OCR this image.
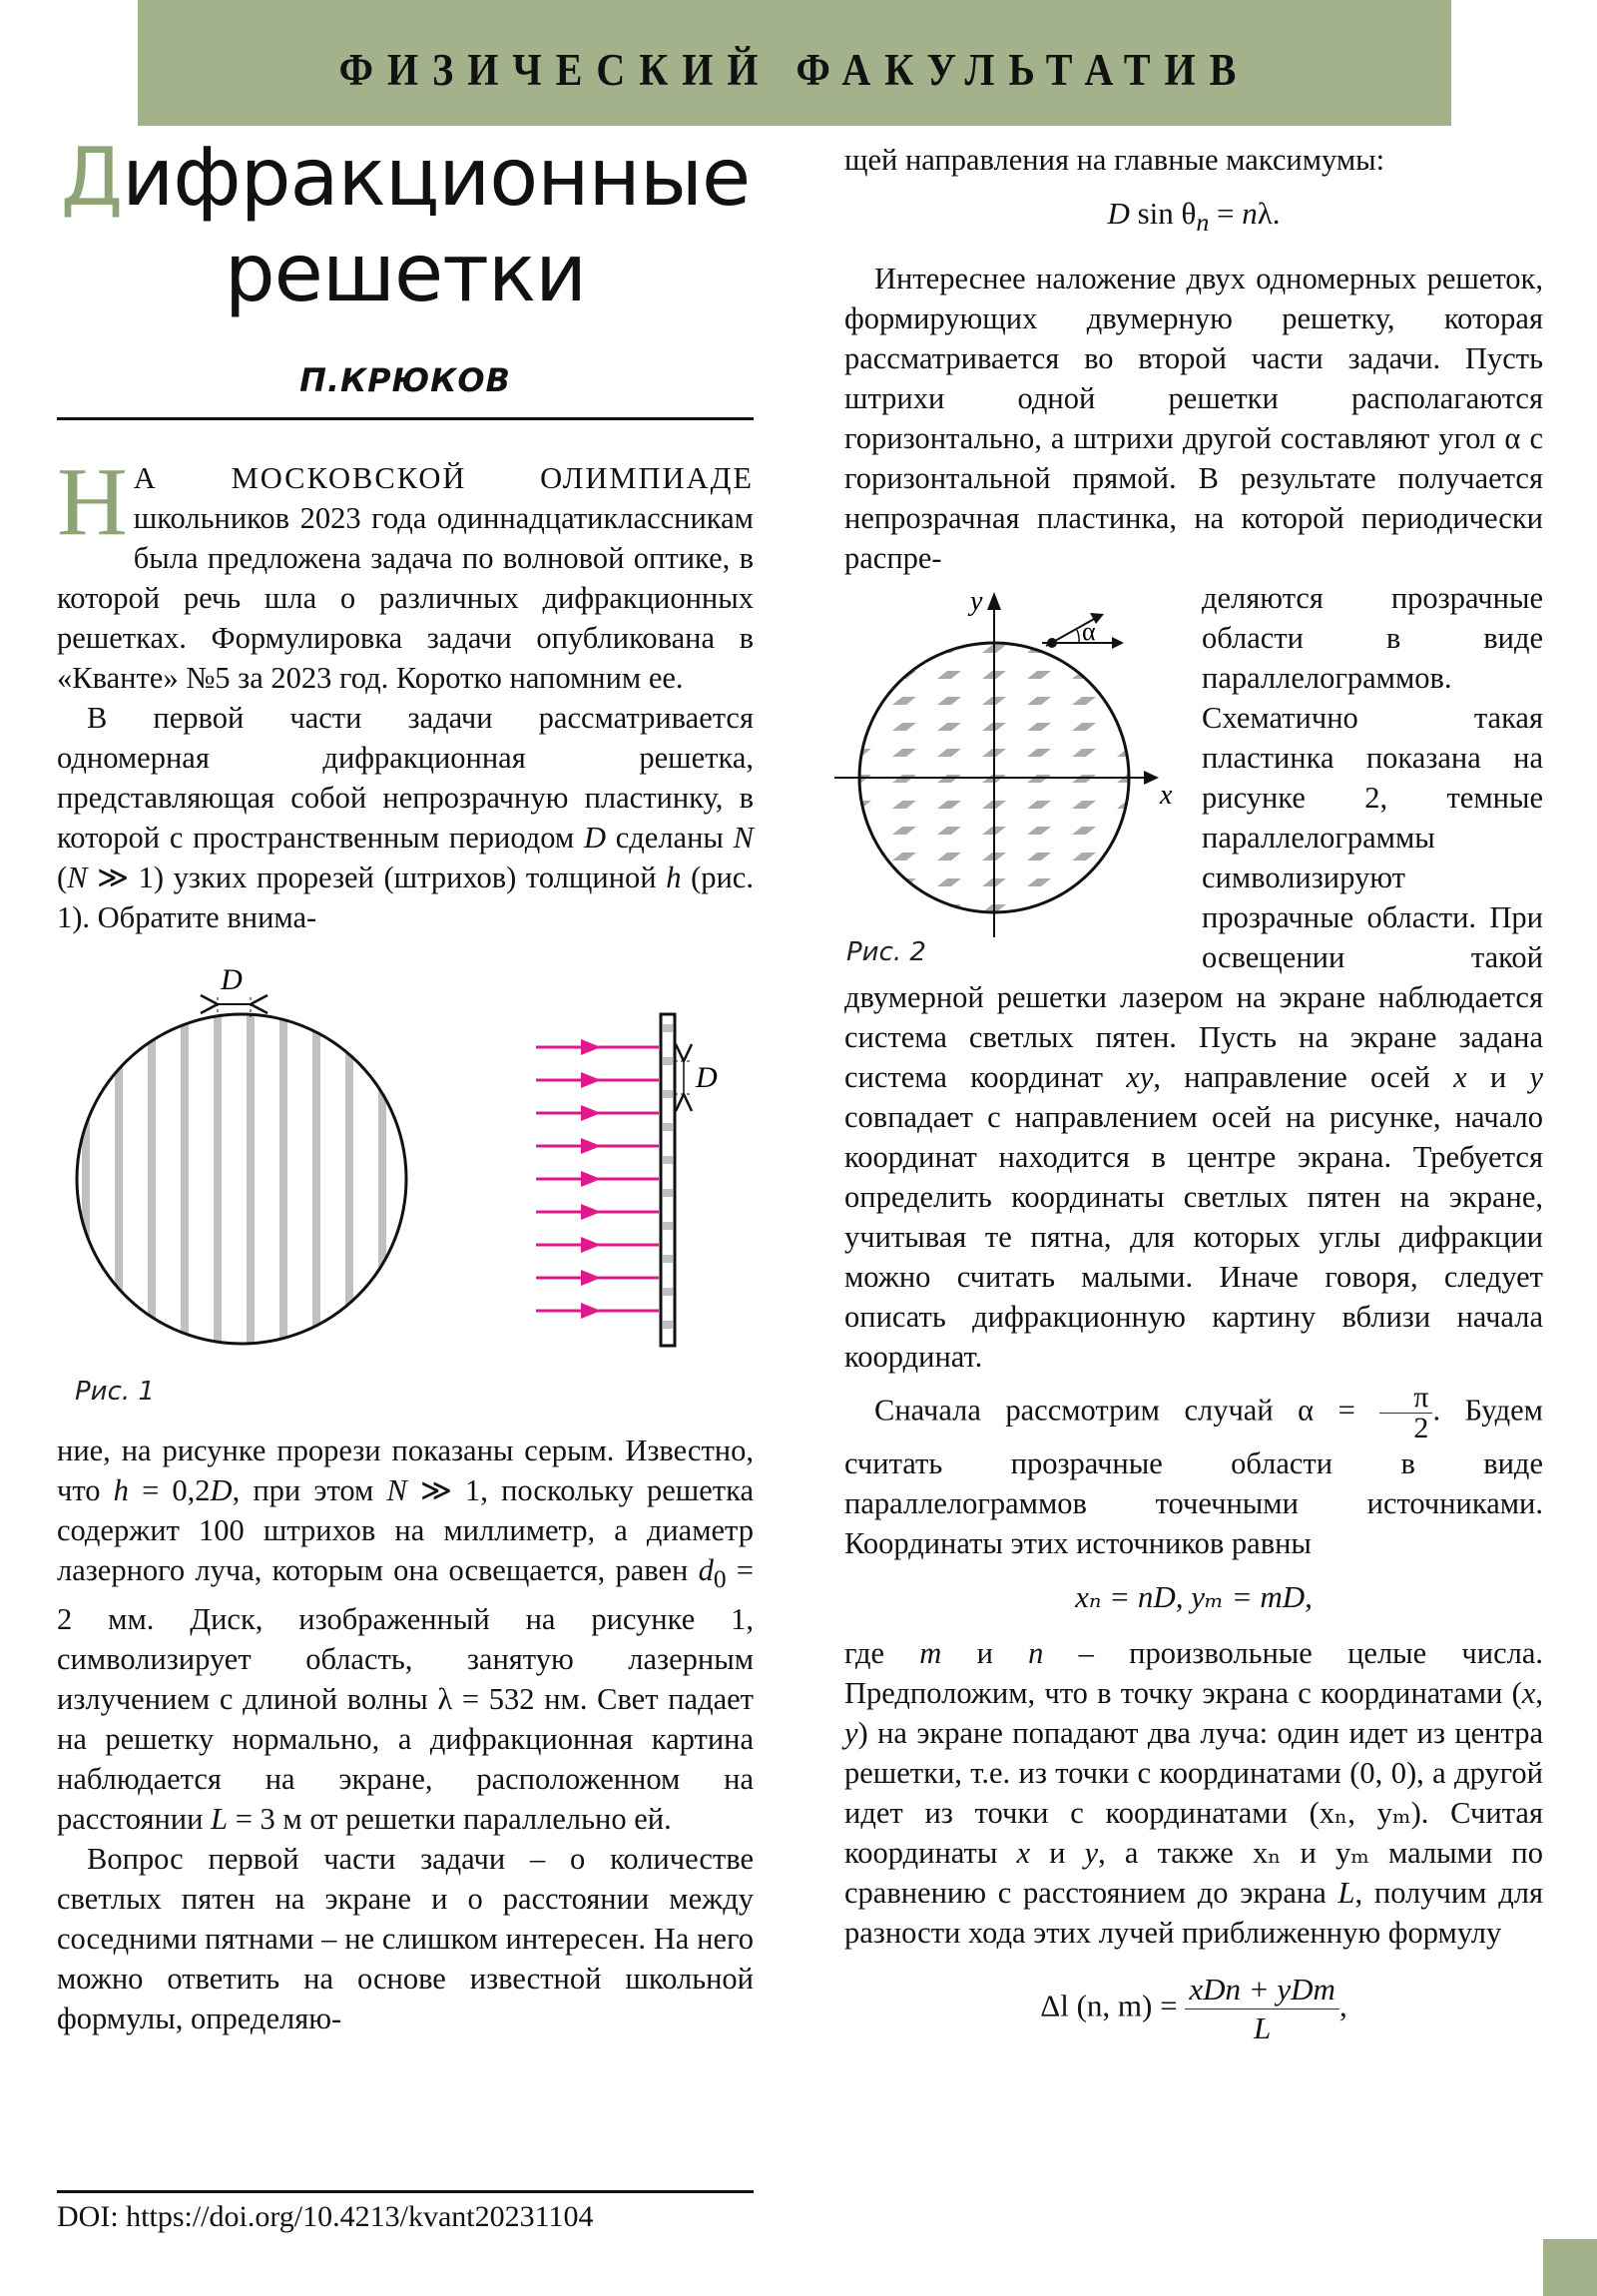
ФИЗИЧЕСКИЙ ФАКУЛЬТАТИВ
Дифракционные
решетки
П.КРЮКОВ

Н А МОСКОВСКОЙ ОЛИМПИАДЕ школьников 2023 года одиннадцатиклассникам была предложена задача по волновой оптике, в которой речь шла о различных дифракционных решетках. Формулировка задачи опубликована в «Кванте» №5 за 2023 год. Коротко напомним ее.

В первой части задачи рассматривается одномерная дифракционная решетка, представляющая собой непрозрачную пластинку, в которой с пространственным периодом D сделаны N (N ≫ 1) узких прорезей (штрихов) толщиной h (рис. 1). Обратите внима-

D
D
Рис. 1

ние, на рисунке прорези показаны серым. Известно, что h = 0,2D, при этом N ≫ 1, поскольку решетка содержит 100 штрихов на миллиметр, а диаметр лазерного луча, которым она освещается, равен $d_0 = 2$ мм. Диск, изображенный на рисунке 1, символизирует область, занятую лазерным излучением с длиной волны λ = 532 нм. Свет падает на решетку нормально, а дифракционная картина наблюдается на экране, расположенном на расстоянии L = 3 м от решетки параллельно ей.

Вопрос первой части задачи – о количестве светлых пятен на экране и о расстоянии между соседними пятнами – не слишком интересен. На него можно ответить на основе известной школьной формулы, определяю-

DOI: https://doi.org/10.4213/kvant20231104

щей направления на главные максимумы:

D $\sin \theta_n = n\lambda$.

Интереснее наложение двух одномерных решеток, формирующих двумерную решетку, которая рассматривается во второй части задачи. Пусть штрихи одной решетки располагаются горизонтально, а штрихи другой составляют угол α с горизонтальной прямой. В результате получается непрозрачная пластинка, на которой периодически распре-

y
x
α
Рис. 2

деляются прозрачные области в виде параллелограммов. Схематично такая пластинка показана на рисунке 2, темные параллелограммы символизируют прозрачные области. При освещении такой двумерной решетки лазером на экране наблюдается система светлых пятен. Пусть на экране задана система координат xy, направление осей x и y совпадает с направлением осей на рисунке, начало координат находится в центре экрана. Требуется определить координаты светлых пятен на экране, учитывая те пятна, для которых углы дифракции можно считать малыми. Иначе говоря, следует описать дифракционную картину вблизи начала координат.

Сначала рассмотрим случай $\alpha = \frac{\pi}{2}$ . Будем считать прозрачные области в виде параллелограммов точечными источниками. Координаты этих источников равны

xₙ = nD, yₘ = mD,

где m и n – произвольные целые числа. Предположим, что в точку экрана с координатами (x, y) на экране попадают два луча: один идет из центра решетки, т.е. из точки с координатами (0, 0), а другой идет из точки с координатами (xₙ, yₘ). Считая координаты x и y, а также xₙ и yₘ малыми по сравнению с расстоянием до экрана L, получим для разности хода этих лучей приближенную формулу

Δl (n, $m) = \frac{\text{xDn + yDm}}{L}$ ,
